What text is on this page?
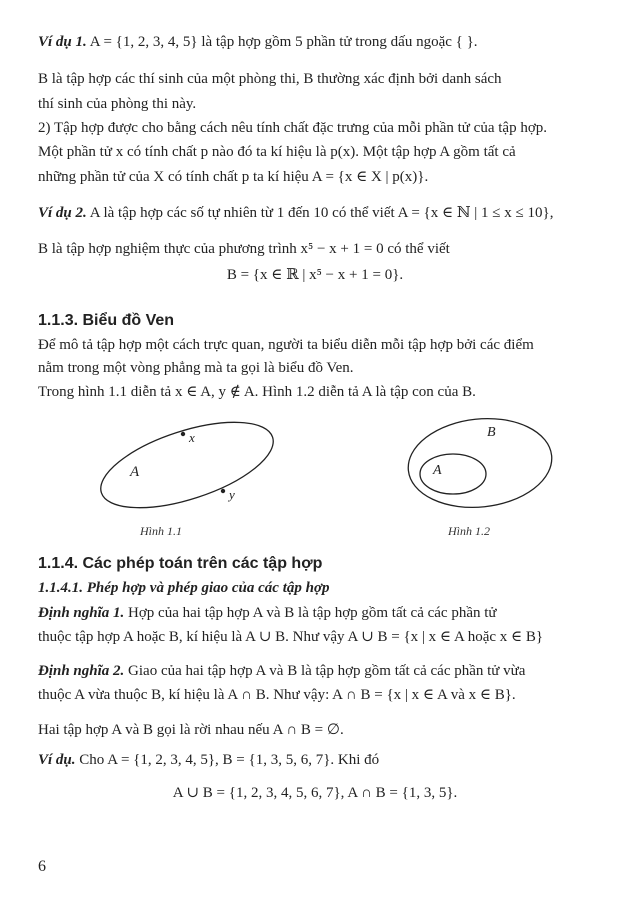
Ví dụ 1. A = {1, 2, 3, 4, 5} là tập hợp gồm 5 phần tử trong dấu ngoặc { }.

B là tập hợp các thí sinh của một phòng thi, B thường xác định bởi danh sách

thí sinh của phòng thi này.

2) Tập hợp được cho bằng cách nêu tính chất đặc trưng của mỗi phần tử của tập hợp.

Một phần tử x có tính chất p nào đó ta kí hiệu là p(x). Một tập hợp A gồm tất cả

những phần tử của X có tính chất p ta kí hiệu A = {x ∈ X | p(x)}.

Ví dụ 2. A là tập hợp các số tự nhiên từ 1 đến 10 có thể viết A = {x ∈ ℕ | 1 ≤ x ≤ 10},

B là tập hợp nghiệm thực của phương trình x⁵ − x + 1 = 0 có thể viết

B = {x ∈ ℝ | x⁵ − x + 1 = 0}.

1.1.3. Biểu đồ Ven

Để mô tả tập hợp một cách trực quan, người ta biểu diễn mỗi tập hợp bởi các điểm

nằm trong một vòng phẳng mà ta gọi là biểu đồ Ven.

Trong hình 1.1 diễn tả x ∈ A, y ∉ A. Hình 1.2 diễn tả A là tập con của B.

A
x
y
Hình 1.1
B
A
Hình 1.2
1.1.4. Các phép toán trên các tập hợp

1.1.4.1. Phép hợp và phép giao của các tập hợp

Định nghĩa 1. Hợp của hai tập hợp A và B là tập hợp gồm tất cả các phần tử

thuộc tập hợp A hoặc B, kí hiệu là A ∪ B. Như vậy A ∪ B = {x | x ∈ A hoặc x ∈ B}

Định nghĩa 2. Giao của hai tập hợp A và B là tập hợp gồm tất cả các phần tử vừa

thuộc A vừa thuộc B, kí hiệu là A ∩ B. Như vậy: A ∩ B = {x | x ∈ A và x ∈ B}.

Hai tập hợp A và B gọi là rời nhau nếu A ∩ B = ∅.

Ví dụ. Cho A = {1, 2, 3, 4, 5}, B = {1, 3, 5, 6, 7}. Khi đó

A ∪ B = {1, 2, 3, 4, 5, 6, 7}, A ∩ B = {1, 3, 5}.

6
